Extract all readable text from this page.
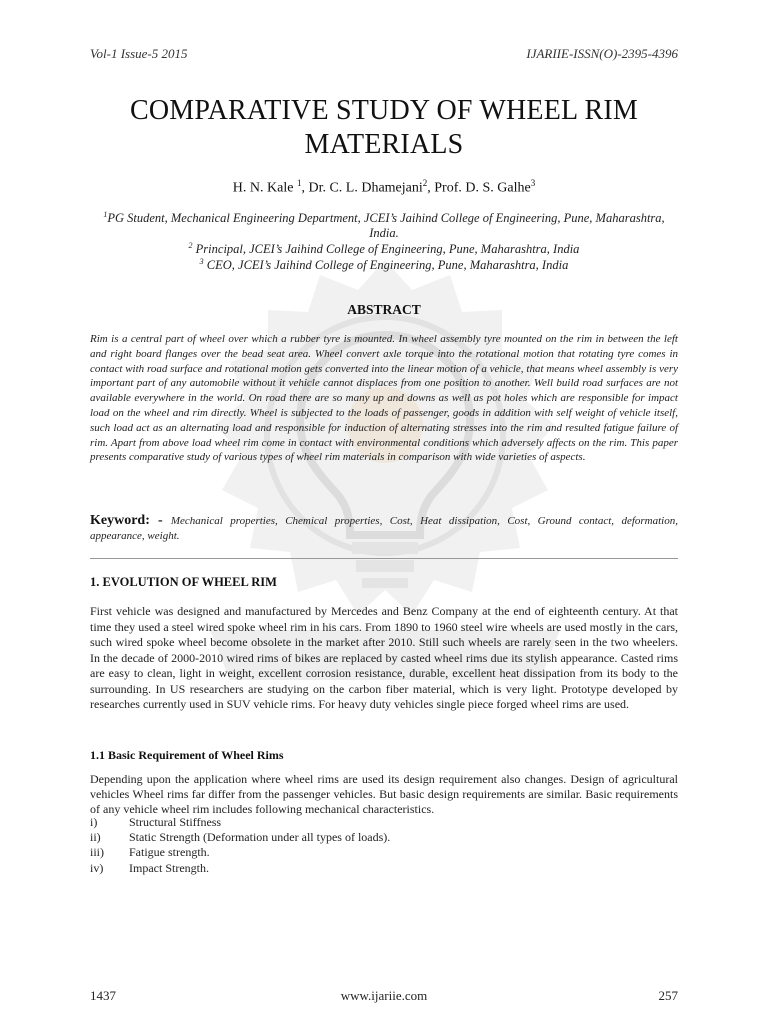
Vol-1 Issue-5 2015	IJARIIE-ISSN(O)-2395-4396
COMPARATIVE STUDY OF WHEEL RIM
MATERIALS
H. N. Kale $^1$, Dr. C. L. Dhamejani$^2$, Prof. D. S. Galhe$^3$
$^1$PG Student, Mechanical Engineering Department, JCEI’s Jaihind College of Engineering, Pune, Maharashtra, India.
$^2$ Principal, JCEI’s Jaihind College of Engineering, Pune, Maharashtra, India
$^3$ CEO, JCEI’s Jaihind College of Engineering, Pune, Maharashtra, India
ABSTRACT
Rim is a central part of wheel over which a rubber tyre is mounted. In wheel assembly tyre mounted on the rim in between the left and right board flanges over the bead seat area. Wheel convert axle torque into the rotational motion that rotating tyre comes in contact with road surface and rotational motion gets converted into the linear motion of a vehicle, that means wheel assembly is very important part of any automobile without it vehicle cannot displaces from one position to another. Well build road surfaces are not available everywhere in the world. On road there are so many up and downs as well as pot holes which are responsible for impact load on the wheel and rim directly. Wheel is subjected to the loads of passenger, goods in addition with self weight of vehicle itself, such load act as an alternating load and responsible for induction of alternating stresses into the rim and resulted fatigue failure of rim. Apart from above load wheel rim come in contact with environmental conditions which adversely affects on the rim. This paper presents comparative study of various types of wheel rim materials in comparison with wide varieties of aspects.
Keyword: - Mechanical properties, Chemical properties, Cost, Heat dissipation, Cost, Ground contact, deformation, appearance, weight.
1. EVOLUTION OF WHEEL RIM
First vehicle was designed and manufactured by Mercedes and Benz Company at the end of eighteenth century. At that time they used a steel wired spoke wheel rim in his cars. From 1890 to 1960 steel wire wheels are used mostly in the cars, such wired spoke wheel become obsolete in the market after 2010. Still such wheels are rarely seen in the two wheelers. In the decade of 2000-2010 wired rims of bikes are replaced by casted wheel rims due its stylish appearance. Casted rims are easy to clean, light in weight, excellent corrosion resistance, durable, excellent heat dissipation from its body to the surrounding. In US researchers are studying on the carbon fiber material, which is very light. Prototype developed by researches currently used in SUV vehicle rims. For heavy duty vehicles single piece forged wheel rims are used.
1.1 Basic Requirement of Wheel Rims
Depending upon the application where wheel rims are used its design requirement also changes. Design of agricultural vehicles Wheel rims far differ from the passenger vehicles. But basic design requirements are similar. Basic requirements of any vehicle wheel rim includes following mechanical characteristics.
i)	Structural Stiffness
ii)	Static Strength (Deformation under all types of loads).
iii)	Fatigue strength.
iv)	Impact Strength.
1437	www.ijariie.com	257
